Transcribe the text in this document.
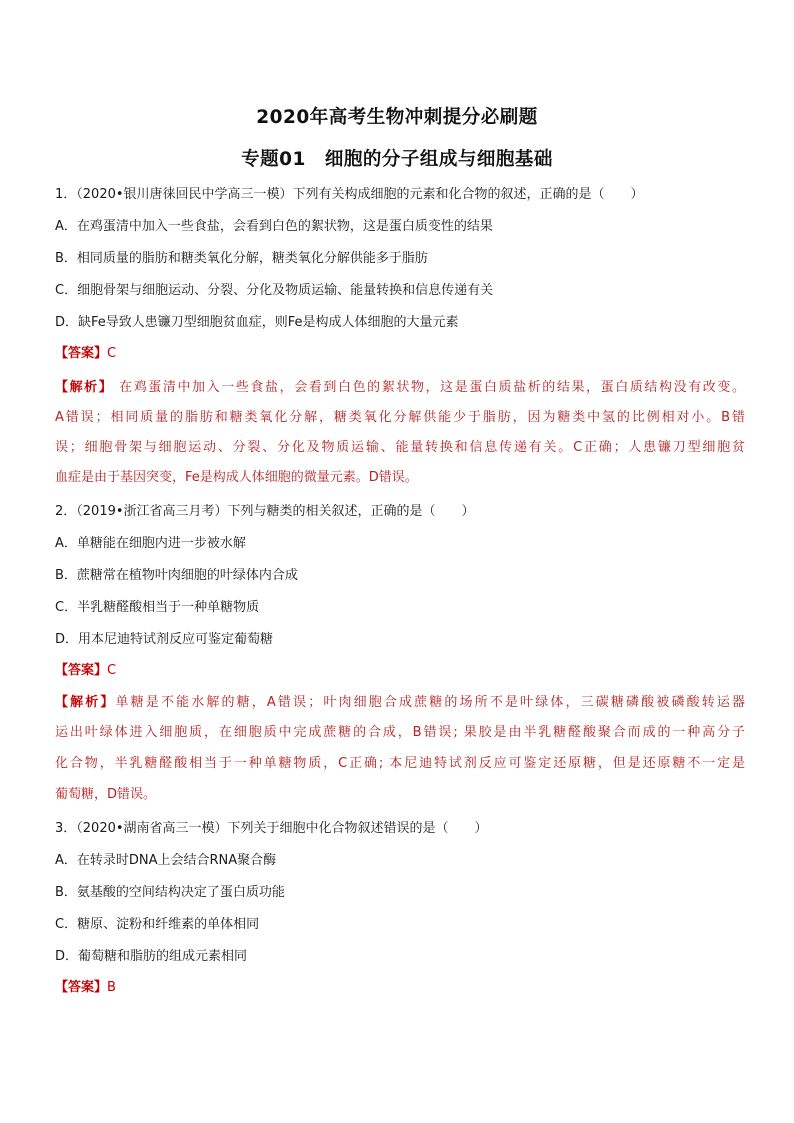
2020年高考生物冲刺提分必刷题
专题01　细胞的分子组成与细胞基础
1．（2020•银川唐徕回民中学高三一模）下列有关构成细胞的元素和化合物的叙述，正确的是（　　）
A．在鸡蛋清中加入一些食盐，会看到白色的絮状物，这是蛋白质变性的结果
B．相同质量的脂肪和糖类氧化分解，糖类氧化分解供能多于脂肪
C．细胞骨架与细胞运动、分裂、分化及物质运输、能量转换和信息传递有关
D．缺Fe导致人患镰刀型细胞贫血症，则Fe是构成人体细胞的大量元素
【答案】C
【解析】 在鸡蛋清中加入一些食盐，会看到白色的絮状物，这是蛋白质盐析的结果，蛋白质结构没有改变。
A错误；相同质量的脂肪和糖类氧化分解，糖类氧化分解供能少于脂肪，因为糖类中氢的比例相对小。B错
误；细胞骨架与细胞运动、分裂、分化及物质运输、能量转换和信息传递有关。C正确；人患镰刀型细胞贫
血症是由于基因突变，Fe是构成人体细胞的微量元素。D错误。
2．（2019•浙江省高三月考）下列与糖类的相关叙述，正确的是（　　）
A．单糖能在细胞内进一步被水解
B．蔗糖常在植物叶肉细胞的叶绿体内合成
C．半乳糖醛酸相当于一种单糖物质
D．用本尼迪特试剂反应可鉴定葡萄糖
【答案】C
【解析】单糖是不能水解的糖，A错误；叶肉细胞合成蔗糖的场所不是叶绿体，三碳糖磷酸被磷酸转运器
运出叶绿体进入细胞质，在细胞质中完成蔗糖的合成，B错误; 果胶是由半乳糖醛酸聚合而成的一种高分子
化合物，半乳糖醛酸相当于一种单糖物质，C正确; 本尼迪特试剂反应可鉴定还原糖，但是还原糖不一定是
葡萄糖，D错误。
3．（2020•湖南省高三一模）下列关于细胞中化合物叙述错误的是（　　）
A．在转录时DNA上会结合RNA聚合酶
B．氨基酸的空间结构决定了蛋白质功能
C．糖原、淀粉和纤维素的单体相同
D．葡萄糖和脂肪的组成元素相同
【答案】B
